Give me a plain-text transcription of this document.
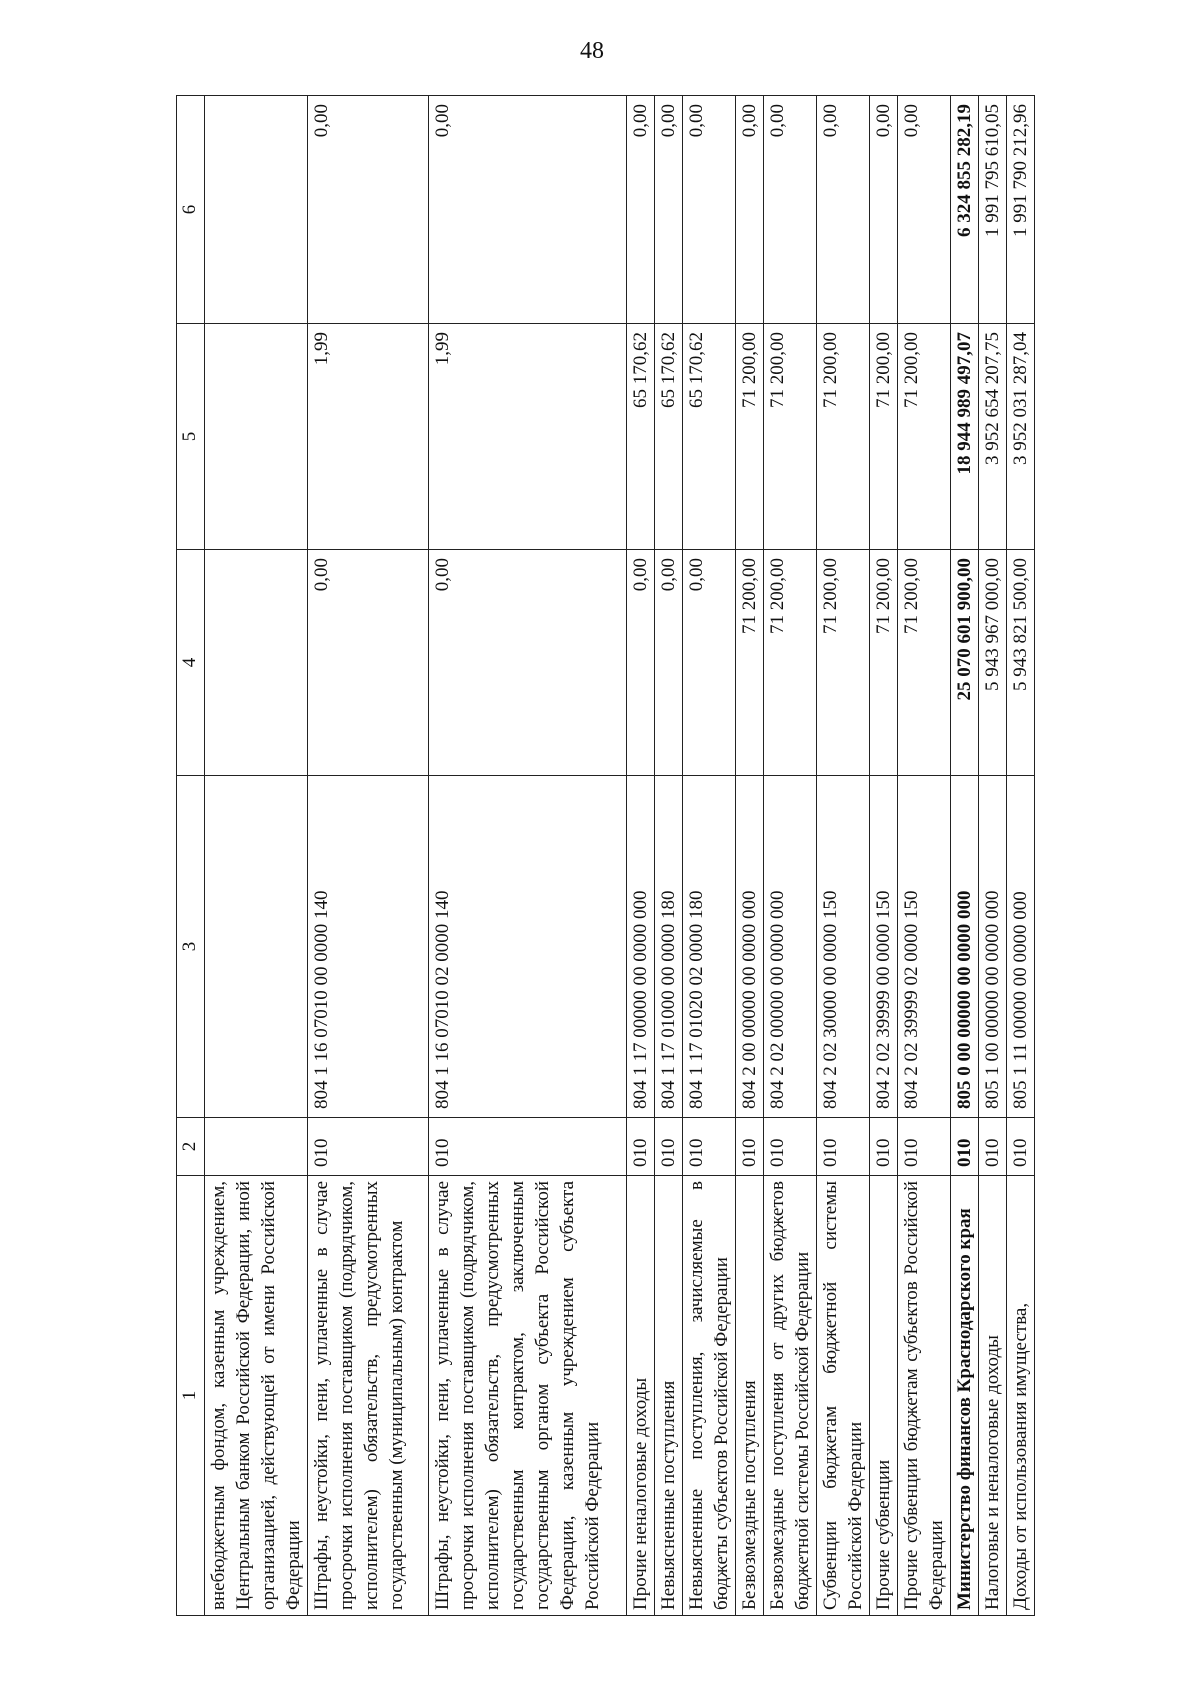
48
1	2	3	4	5	6
внебюджетным фондом, казенным учреждением, Центральным банком Российской Федерации, иной организацией, действующей от имени Российской Федерации					
Штрафы, неустойки, пени, уплаченные в случае просрочки исполнения поставщиком (подрядчиком, исполнителем) обязательств, предусмотренных государственным (муниципальным) контрактом	010	804 1 16 07010 00 0000 140	0,00	1,99	0,00
Штрафы, неустойки, пени, уплаченные в случае просрочки исполнения поставщиком (подрядчиком, исполнителем) обязательств, предусмотренных государственным контрактом, заключенным государственным органом субъекта Российской Федерации, казенным учреждением субъекта Российской Федерации	010	804 1 16 07010 02 0000 140	0,00	1,99	0,00
Прочие неналоговые доходы	010	804 1 17 00000 00 0000 000	0,00	65 170,62	0,00
Невыясненные поступления	010	804 1 17 01000 00 0000 180	0,00	65 170,62	0,00
Невыясненные поступления, зачисляемые в бюджеты субъектов Российской Федерации	010	804 1 17 01020 02 0000 180	0,00	65 170,62	0,00
Безвозмездные поступления	010	804 2 00 00000 00 0000 000	71 200,00	71 200,00	0,00
Безвозмездные поступления от других бюджетов бюджетной системы Российской Федерации	010	804 2 02 00000 00 0000 000	71 200,00	71 200,00	0,00
Субвенции бюджетам бюджетной системы Российской Федерации	010	804 2 02 30000 00 0000 150	71 200,00	71 200,00	0,00
Прочие субвенции	010	804 2 02 39999 00 0000 150	71 200,00	71 200,00	0,00
Прочие субвенции бюджетам субъектов Российской Федерации	010	804 2 02 39999 02 0000 150	71 200,00	71 200,00	0,00
Министерство финансов Краснодарского края	010	805 0 00 00000 00 0000 000	25 070 601 900,00	18 944 989 497,07	6 324 855 282,19
Налоговые и неналоговые доходы	010	805 1 00 00000 00 0000 000	5 943 967 000,00	3 952 654 207,75	1 991 795 610,05
Доходы от использования имущества,	010	805 1 11 00000 00 0000 000	5 943 821 500,00	3 952 031 287,04	1 991 790 212,96
